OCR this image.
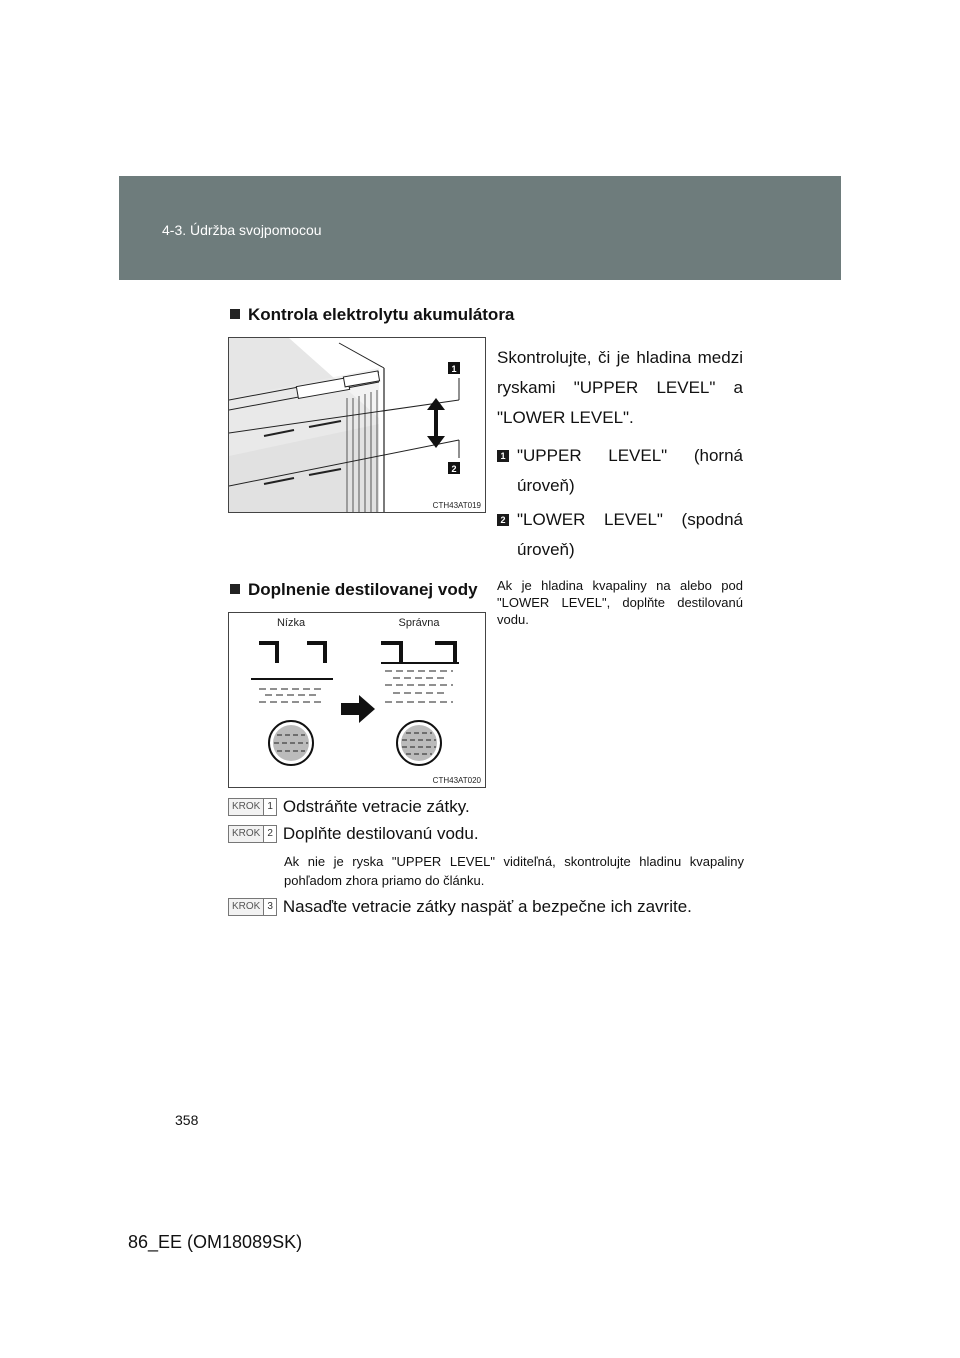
4-3. Údržba svojpomocou
Kontrola elektrolytu akumulátora
1
2
CTH43AT019
Skontrolujte, či je hladina medzi ryskami "UPPER LEVEL" a "LOWER LEVEL".
1 "UPPER LEVEL" (horná úroveň)
2 "LOWER LEVEL" (spodná úroveň)
Ak je hladina kvapaliny na alebo pod "LOWER LEVEL", doplňte destilovanú vodu.
Doplnenie destilovanej vody
Nízka	Správna
CTH43AT020
KROK 1 Odstráňte vetracie zátky.
KROK 2 Doplňte destilovanú vodu.
Ak nie je ryska "UPPER LEVEL" viditeľná, skontrolujte hladinu kvapaliny pohľadom zhora priamo do článku.
KROK 3 Nasaďte vetracie zátky naspäť a bezpečne ich zavrite.
358
86_EE (OM18089SK)
